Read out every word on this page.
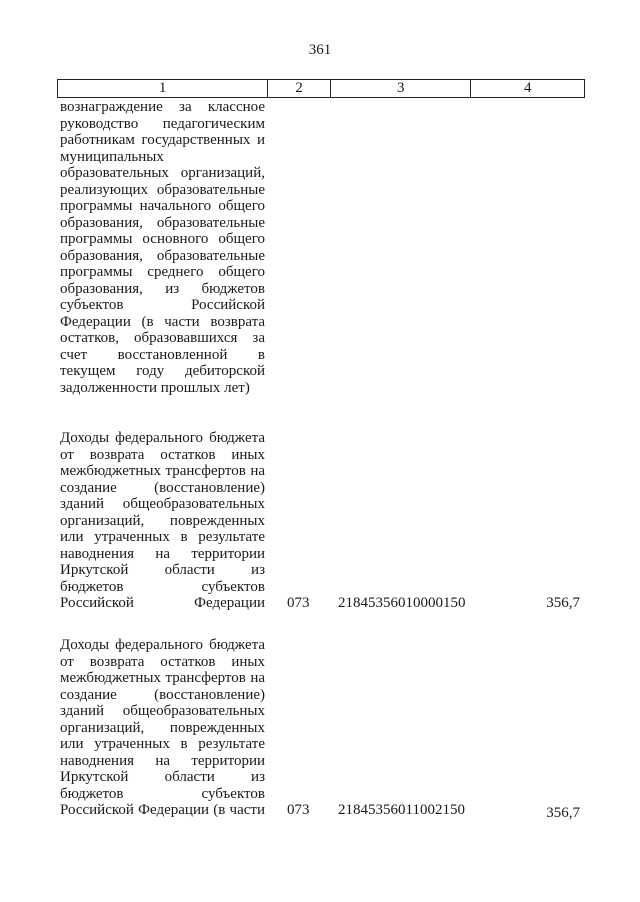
361
1	2	3	4
вознаграждение за классное
руководство педагогическим
работникам государственных и
муниципальных
образовательных организаций,
реализующих образовательные
программы начального общего
образования, образовательные
программы основного общего
образования, образовательные
программы среднего общего
образования, из бюджетов
субъектов Российской
Федерации (в части возврата
остатков, образовавшихся за
счет восстановленной в
текущем году дебиторской
задолженности прошлых лет)
Доходы федерального бюджета
от возврата остатков иных
межбюджетных трансфертов на
создание (восстановление)
зданий общеобразовательных
организаций, поврежденных
или утраченных в результате
наводнения на территории
Иркутской области из
бюджетов субъектов
Российской Федерации 073	21845356010000150	356,7
Доходы федерального бюджета
от возврата остатков иных
межбюджетных трансфертов на
создание (восстановление)
зданий общеобразовательных
организаций, поврежденных
или утраченных в результате
наводнения на территории
Иркутской области из
бюджетов субъектов
Российской Федерации (в части 073	21845356011002150	356,7
